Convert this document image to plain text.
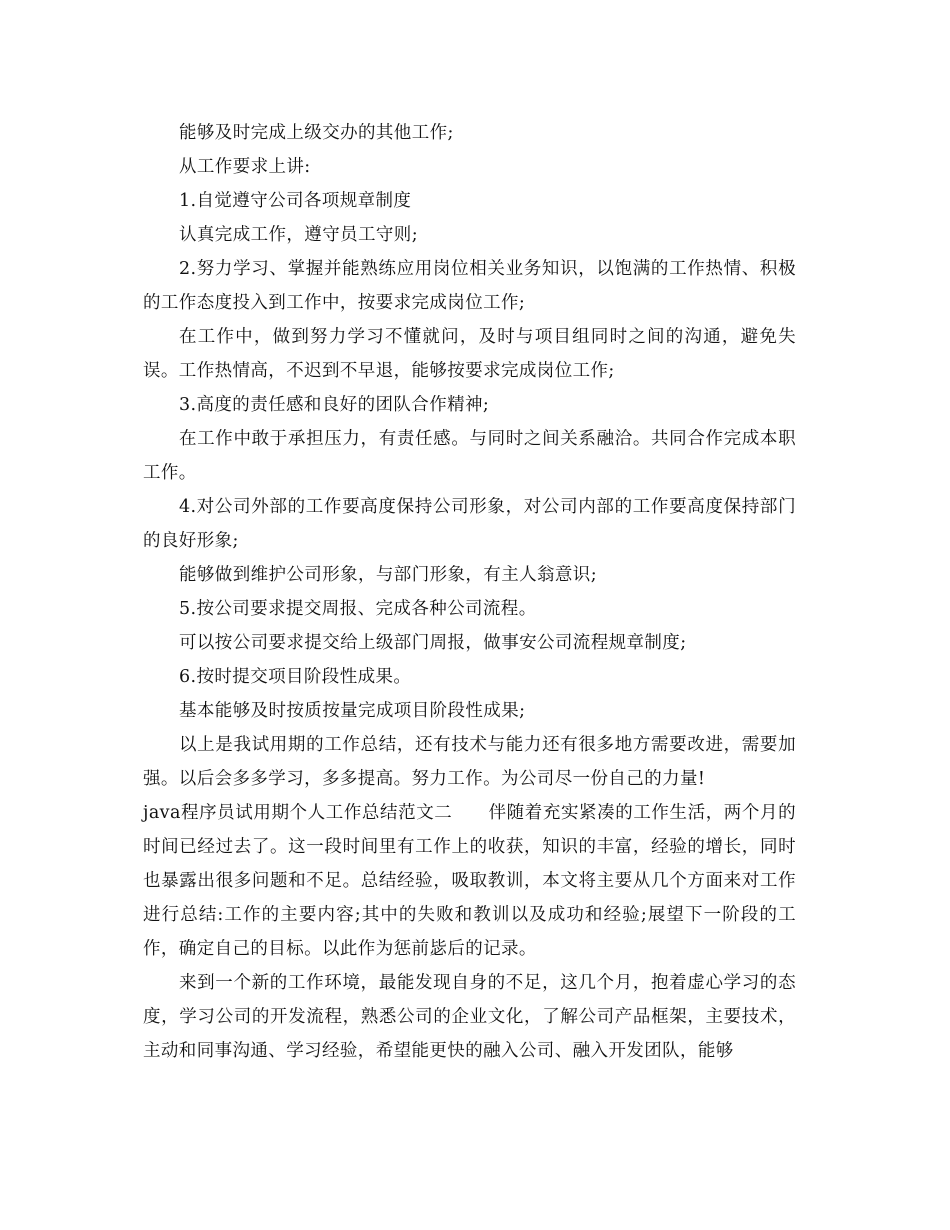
能够及时完成上级交办的其他工作;

从工作要求上讲:

1.自觉遵守公司各项规章制度

认真完成工作，遵守员工守则;

2.努力学习、掌握并能熟练应用岗位相关业务知识，以饱满的工作热情、积极的工作态度投入到工作中，按要求完成岗位工作;

在工作中，做到努力学习不懂就问，及时与项目组同时之间的沟通，避免失误。工作热情高，不迟到不早退，能够按要求完成岗位工作;

3.高度的责任感和良好的团队合作精神;

在工作中敢于承担压力，有责任感。与同时之间关系融洽。共同合作完成本职工作。

4.对公司外部的工作要高度保持公司形象，对公司内部的工作要高度保持部门的良好形象;

能够做到维护公司形象，与部门形象，有主人翁意识;

5.按公司要求提交周报、完成各种公司流程。

可以按公司要求提交给上级部门周报，做事安公司流程规章制度;

6.按时提交项目阶段性成果。

基本能够及时按质按量完成项目阶段性成果;

以上是我试用期的工作总结，还有技术与能力还有很多地方需要改进，需要加强。以后会多多学习，多多提高。努力工作。为公司尽一份自己的力量!

java程序员试用期个人工作总结范文二　　伴随着充实紧凑的工作生活，两个月的时间已经过去了。这一段时间里有工作上的收获，知识的丰富，经验的增长，同时也暴露出很多问题和不足。总结经验，吸取教训，本文将主要从几个方面来对工作进行总结:工作的主要内容;其中的失败和教训以及成功和经验;展望下一阶段的工作，确定自己的目标。以此作为惩前毖后的记录。

来到一个新的工作环境，最能发现自身的不足，这几个月，抱着虚心学习的态度，学习公司的开发流程，熟悉公司的企业文化，了解公司产品框架，主要技术，主动和同事沟通、学习经验，希望能更快的融入公司、融入开发团队，能够
